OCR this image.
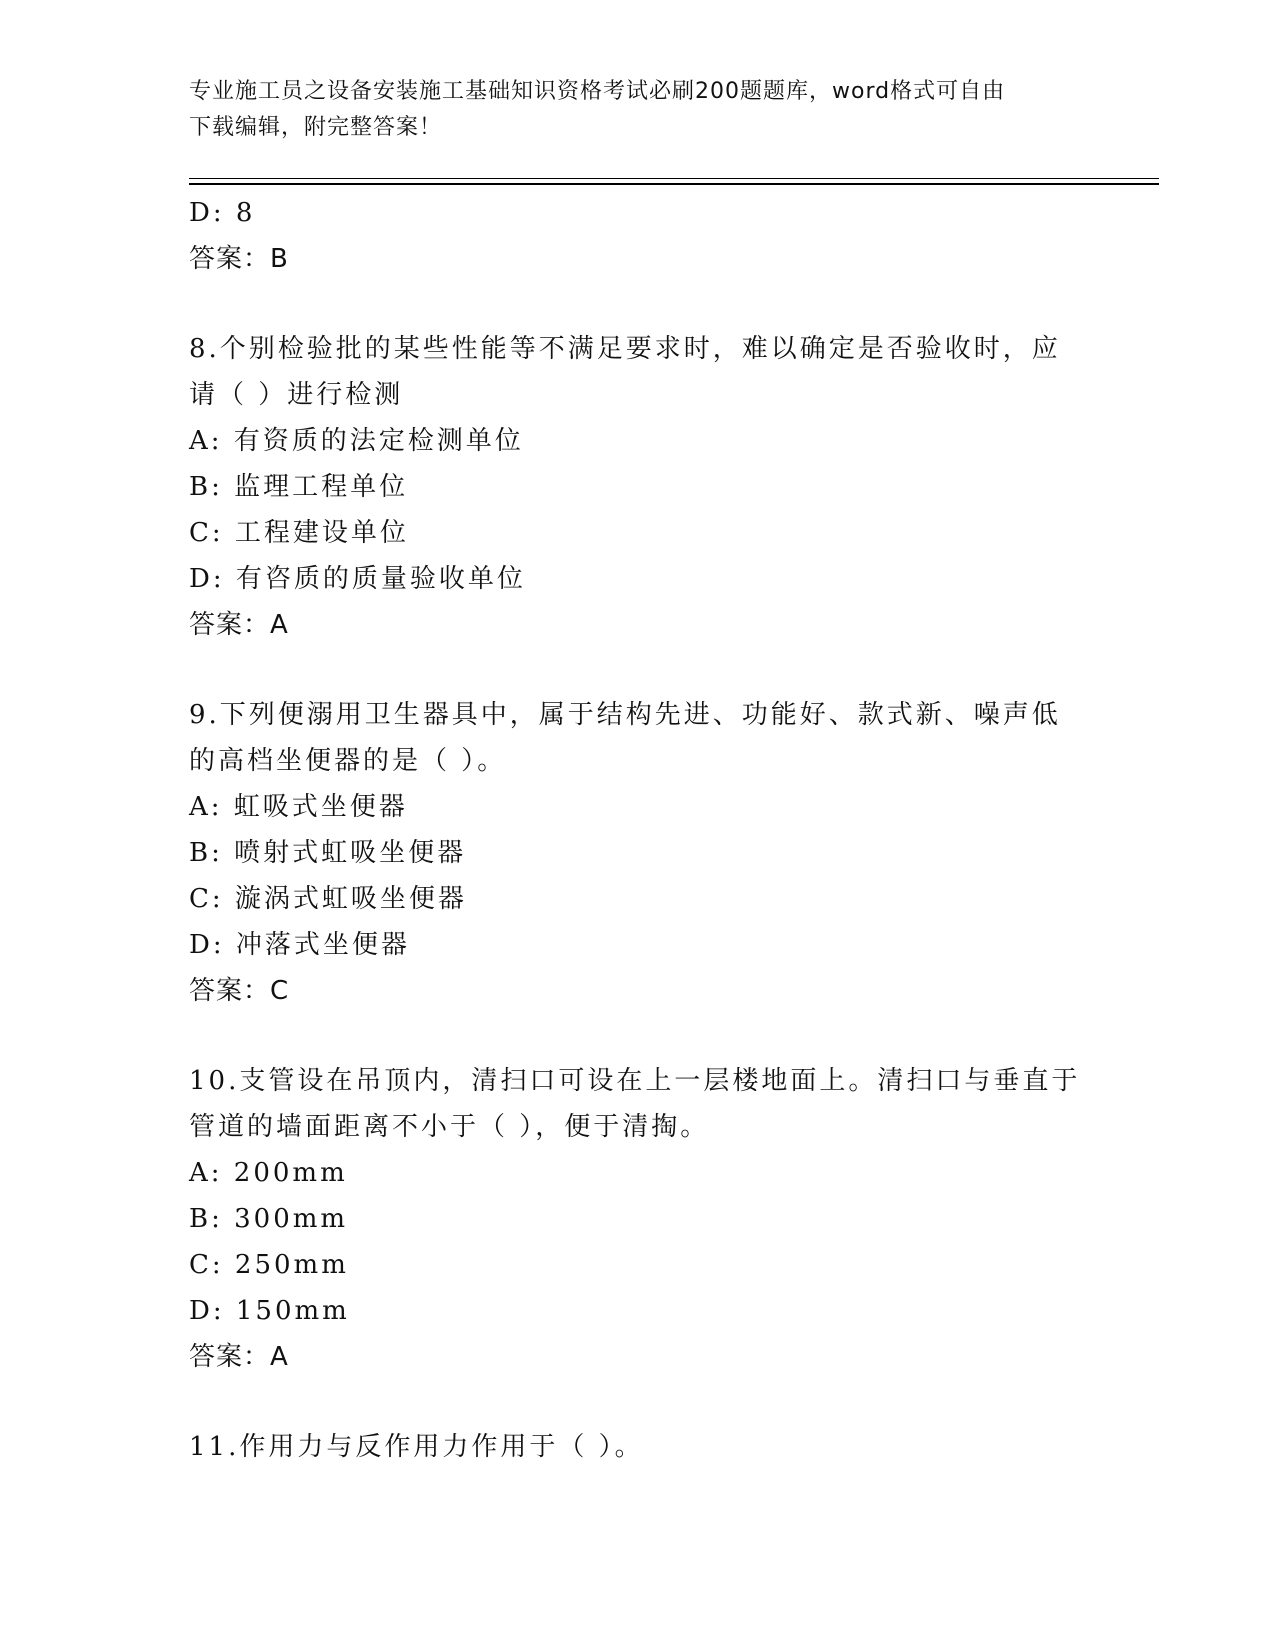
专业施工员之设备安装施工基础知识资格考试必刷200题题库，word格式可自由
下载编辑，附完整答案！
D: 8
答案：B
8.个别检验批的某些性能等不满足要求时，难以确定是否验收时，应
请（ ）进行检测
A: 有资质的法定检测单位
B: 监理工程单位
C: 工程建设单位
D: 有咨质的质量验收单位
答案：A
9.下列便溺用卫生器具中，属于结构先进、功能好、款式新、噪声低
的高档坐便器的是（ ）。
A: 虹吸式坐便器
B: 喷射式虹吸坐便器
C: 漩涡式虹吸坐便器
D: 冲落式坐便器
答案：C
10.支管设在吊顶内，清扫口可设在上一层楼地面上。清扫口与垂直于
管道的墙面距离不小于（ ），便于清掏。
A: 200mm
B: 300mm
C: 250mm
D: 150mm
答案：A
11.作用力与反作用力作用于（ ）。
